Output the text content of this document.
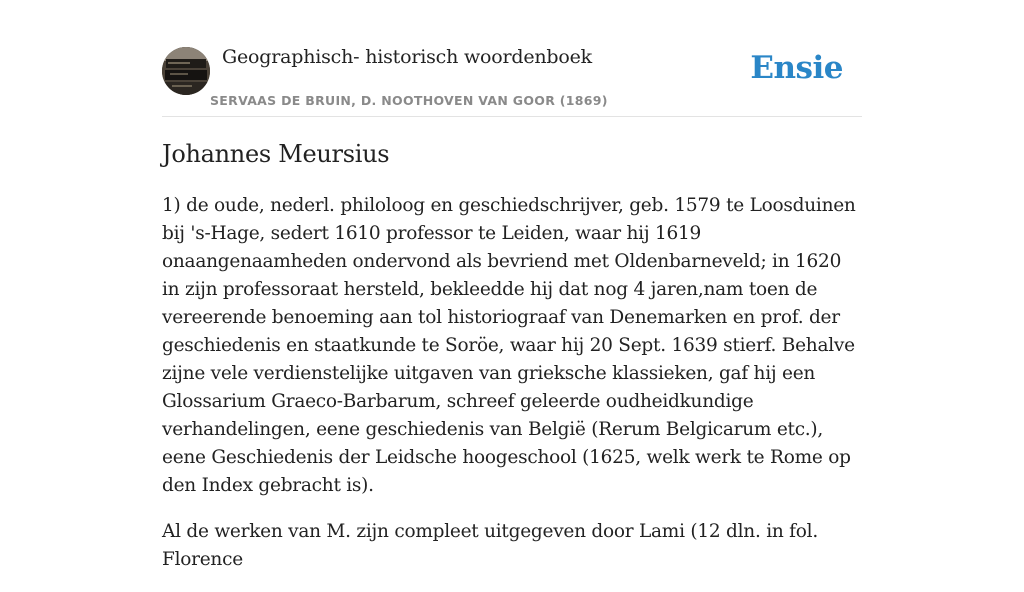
Geographisch- historisch woordenboek
SERVAAS DE BRUIN, D. NOOTHOVEN VAN GOOR (1869)
Ensie
Johannes Meursius

1) de oude, nederl. philoloog en geschiedschrijver, geb. 1579 te Loosduinen bij 's-Hage, sedert 1610 professor te Leiden, waar hij 1619 onaangenaamheden ondervond als bevriend met Oldenbarneveld; in 1620 in zijn professoraat hersteld, bekleedde hij dat nog 4 jaren,nam toen de vereerende benoeming aan tol historiograaf van Denemarken en prof. der geschiedenis en staatkunde te Soröe, waar hij 20 Sept. 1639 stierf. Behalve zijne vele verdienstelijke uitgaven van grieksche klassieken, gaf hij een Glossarium Graeco-Barbarum, schreef geleerde oudheidkundige verhandelingen, eene geschiedenis van België (Rerum Belgicarum etc.), eene Geschiedenis der Leidsche hoogeschool (1625, welk werk te Rome op den Index gebracht is).

Al de werken van M. zijn compleet uitgegeven door Lami (12 dln. in fol. Florence
